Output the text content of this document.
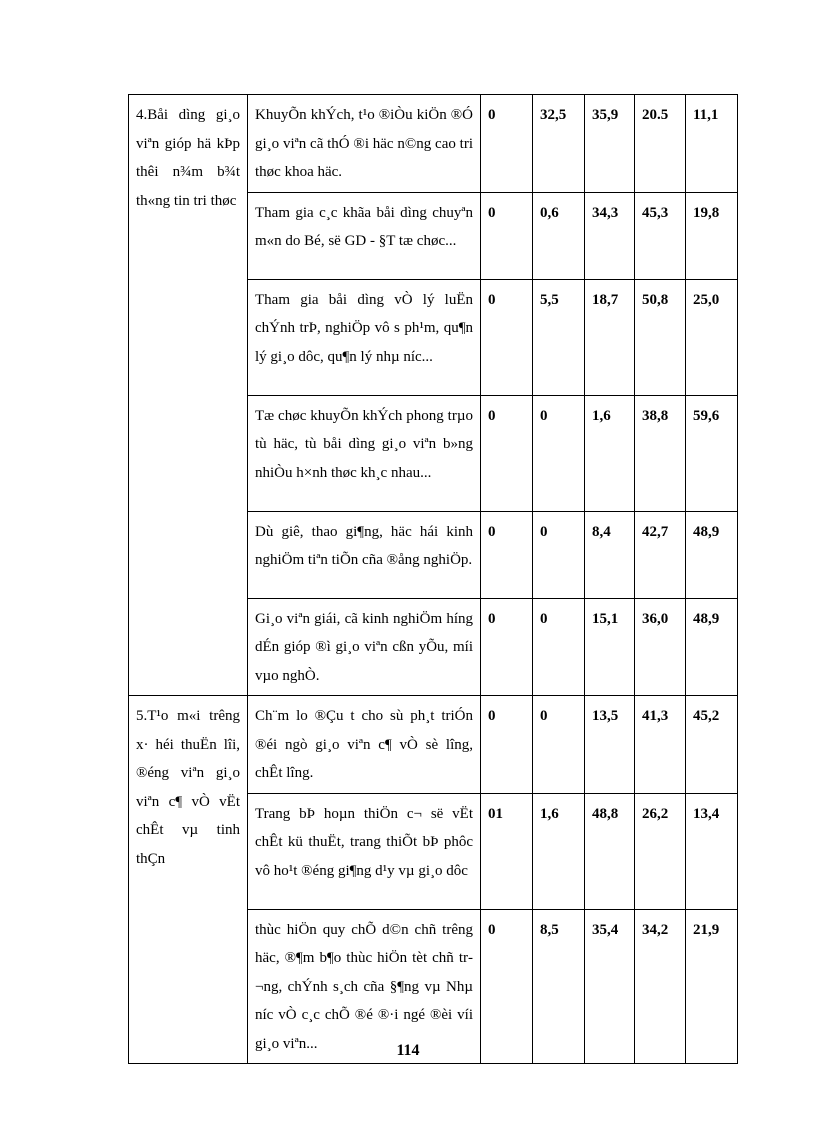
4.Båi dìng gi¸o viªn gióp hä kÞp thêi n¾m b¾t th«ng tin tri thøc	KhuyÕn khÝch, t¹o ®iÒu kiÖn ®Ó gi¸o viªn cã thÓ ®i häc n©ng cao tri thøc khoa häc.	0	32,5	35,9	20.5	11,1
	Tham gia c¸c khãa båi dìng chuyªn m«n do Bé, së GD - §T tæ chøc...	0	0,6	34,3	45,3	19,8
	Tham gia båi dìng vÒ lý luËn chÝnh trÞ, nghiÖp vô s ph¹m, qu¶n lý gi¸o dôc, qu¶n lý nhµ níc...	0	5,5	18,7	50,8	25,0
	Tæ chøc khuyÕn khÝch phong trµo tù häc, tù båi dìng gi¸o viªn b»ng nhiÒu h×nh thøc kh¸c nhau...	0	0	1,6	38,8	59,6
	Dù giê, thao gi¶ng, häc hái kinh nghiÖm tiªn tiÕn cña ®ång nghiÖp.	0	0	8,4	42,7	48,9
	Gi¸o viªn giái, cã kinh nghiÖm híng dÉn gióp ®ì gi¸o viªn cßn yÕu, míi vµo nghÒ.	0	0	15,1	36,0	48,9
5.T¹o m«i trêng x· héi thuËn lîi, ®éng viªn gi¸o viªn c¶ vÒ vËt chÊt vµ tinh thÇn	Ch¨m lo ®Çu t cho sù ph¸t triÓn ®éi ngò gi¸o viªn c¶ vÒ sè lîng, chÊt lîng.	0	0	13,5	41,3	45,2
	Trang bÞ hoµn thiÖn c¬ së vËt chÊt kü thuËt, trang thiÕt bÞ phôc vô ho¹t ®éng gi¶ng d¹y vµ gi¸o dôc	01	1,6	48,8	26,2	13,4
	thùc hiÖn quy chÕ d©n chñ trêng häc, ®¶m b¶o thùc hiÖn tèt chñ tr¬ng, chÝnh s¸ch cña §¶ng vµ Nhµ níc vÒ c¸c chÕ ®é ®·i ngé ®èi víi gi¸o viªn...	0	8,5	35,4	34,2	21,9
114
